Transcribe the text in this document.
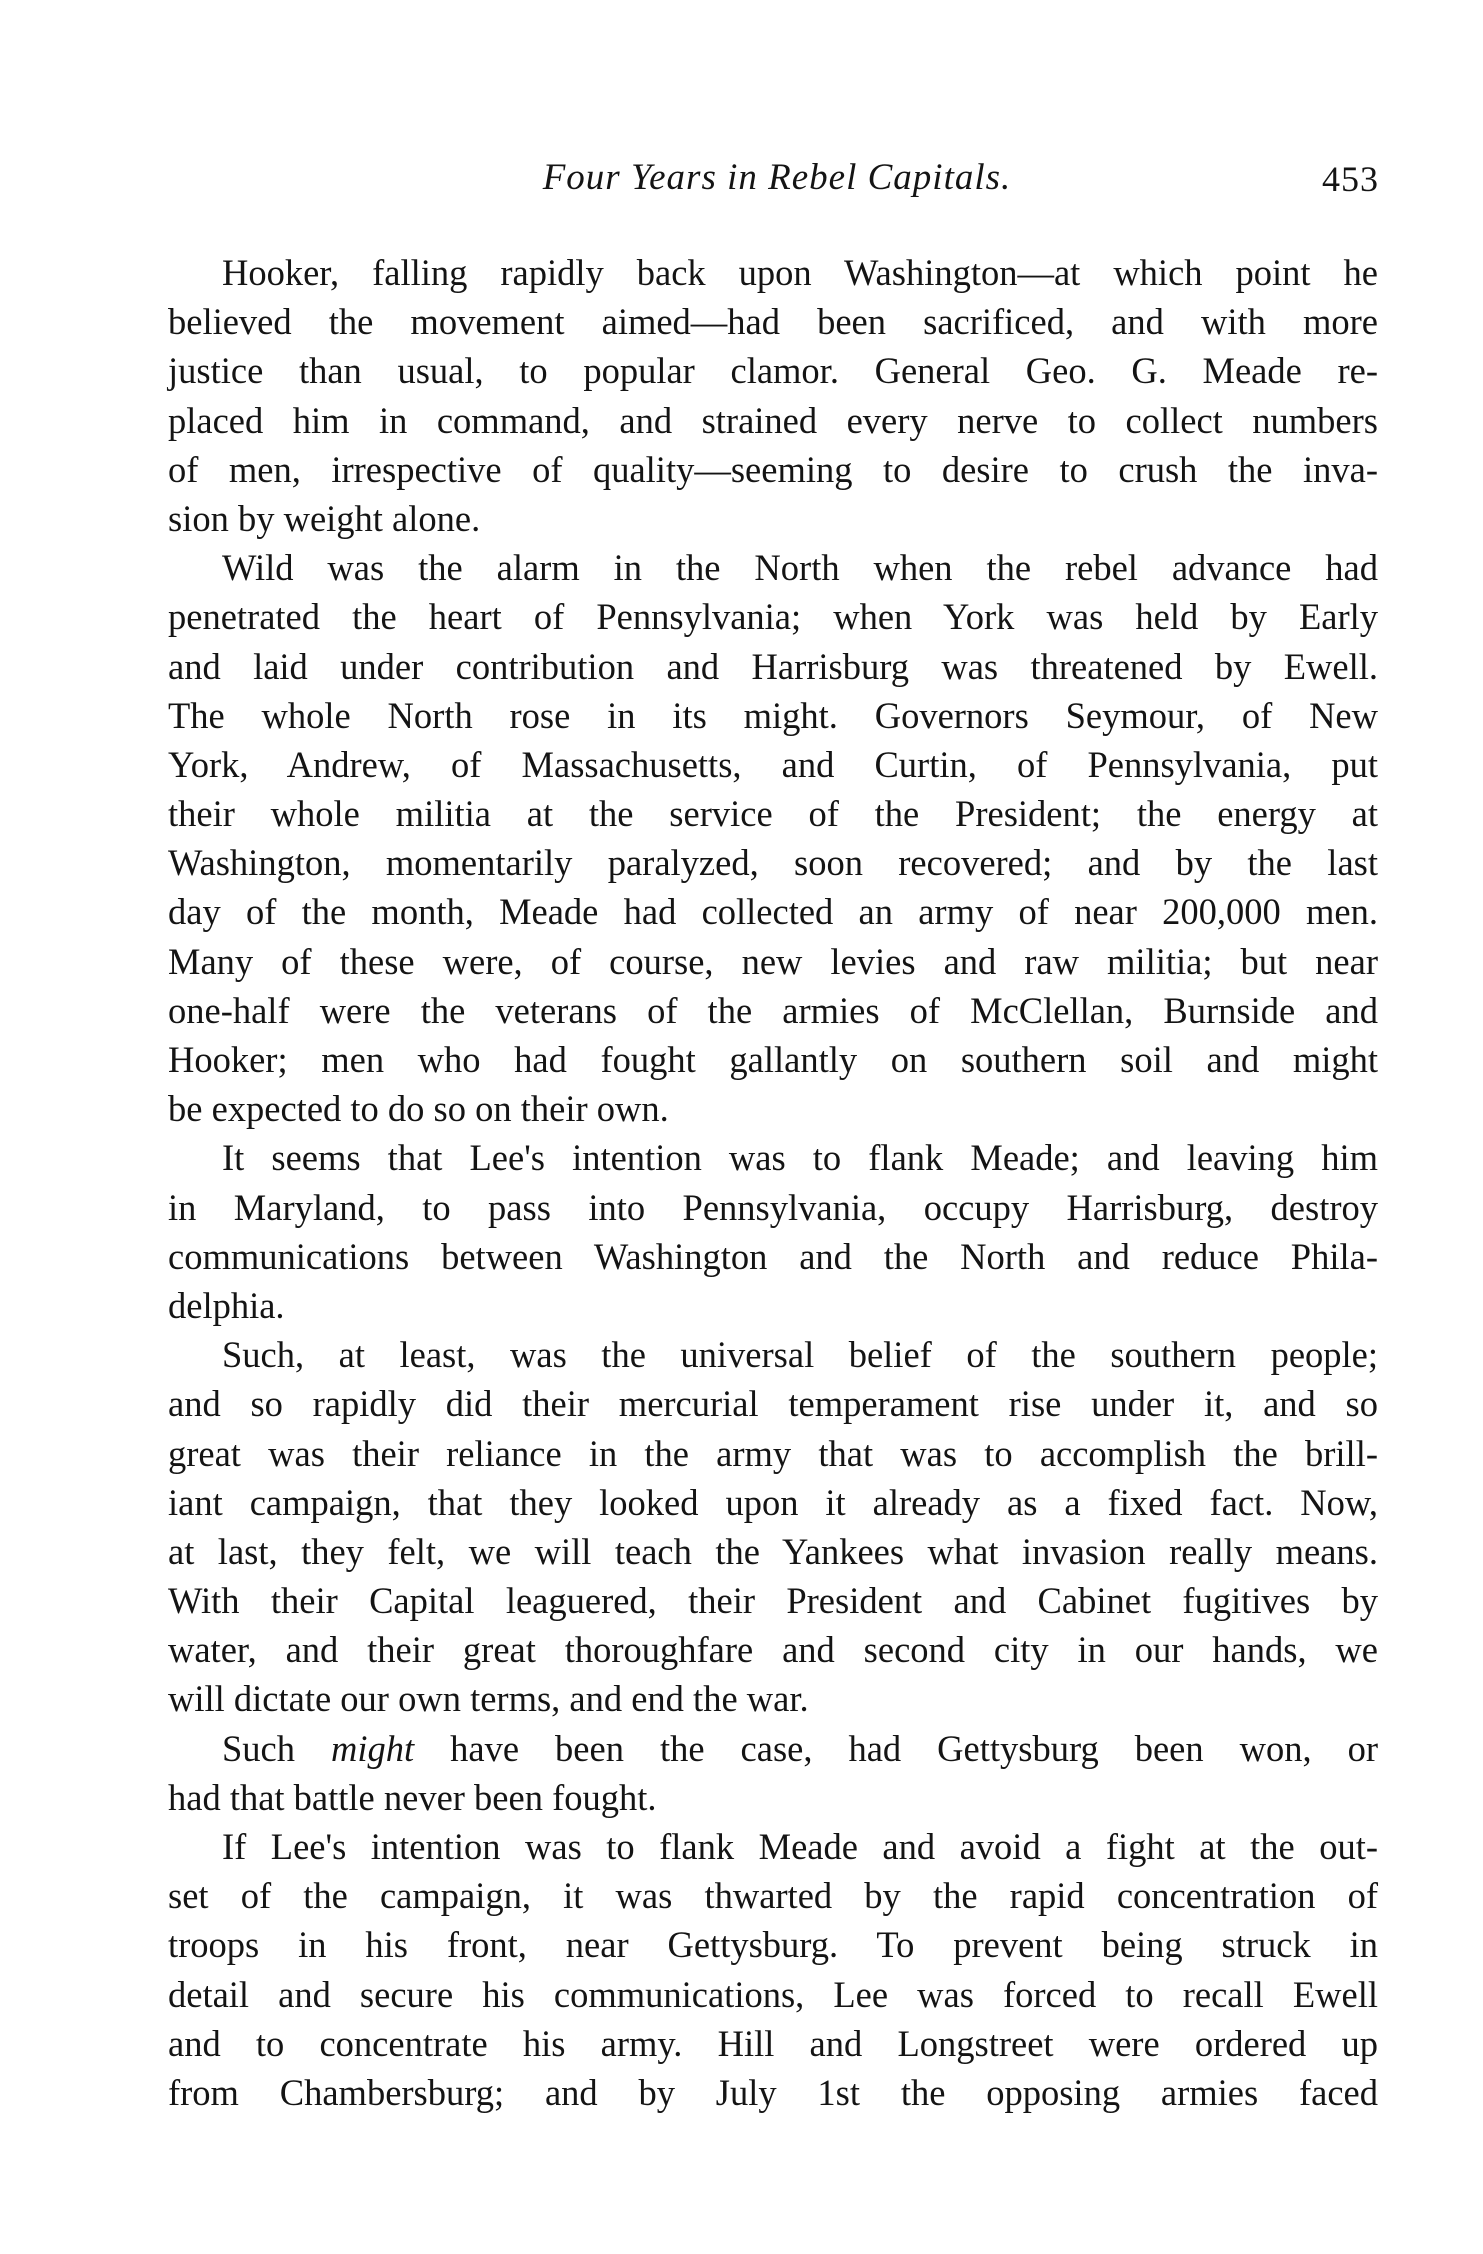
Four Years in Rebel Capitals.	453
Hooker, falling rapidly back upon Washington—at which point he
believed the movement aimed—had been sacrificed, and with more
justice than usual, to popular clamor. General Geo. G. Meade re-
placed him in command, and strained every nerve to collect numbers
of men, irrespective of quality—seeming to desire to crush the inva-
sion by weight alone.
Wild was the alarm in the North when the rebel advance had
penetrated the heart of Pennsylvania; when York was held by Early
and laid under contribution and Harrisburg was threatened by Ewell.
The whole North rose in its might. Governors Seymour, of New
York, Andrew, of Massachusetts, and Curtin, of Pennsylvania, put
their whole militia at the service of the President; the energy at
Washington, momentarily paralyzed, soon recovered; and by the last
day of the month, Meade had collected an army of near 200,000 men.
Many of these were, of course, new levies and raw militia; but near
one-half were the veterans of the armies of McClellan, Burnside and
Hooker; men who had fought gallantly on southern soil and might
be expected to do so on their own.
It seems that Lee's intention was to flank Meade; and leaving him
in Maryland, to pass into Pennsylvania, occupy Harrisburg, destroy
communications between Washington and the North and reduce Phila-
delphia.
Such, at least, was the universal belief of the southern people;
and so rapidly did their mercurial temperament rise under it, and so
great was their reliance in the army that was to accomplish the brill-
iant campaign, that they looked upon it already as a fixed fact. Now,
at last, they felt, we will teach the Yankees what invasion really means.
With their Capital leaguered, their President and Cabinet fugitives by
water, and their great thoroughfare and second city in our hands, we
will dictate our own terms, and end the war.
Such might have been the case, had Gettysburg been won, or
had that battle never been fought.
If Lee's intention was to flank Meade and avoid a fight at the out-
set of the campaign, it was thwarted by the rapid concentration of
troops in his front, near Gettysburg. To prevent being struck in
detail and secure his communications, Lee was forced to recall Ewell
and to concentrate his army. Hill and Longstreet were ordered up
from Chambersburg; and by July 1st the opposing armies faced
